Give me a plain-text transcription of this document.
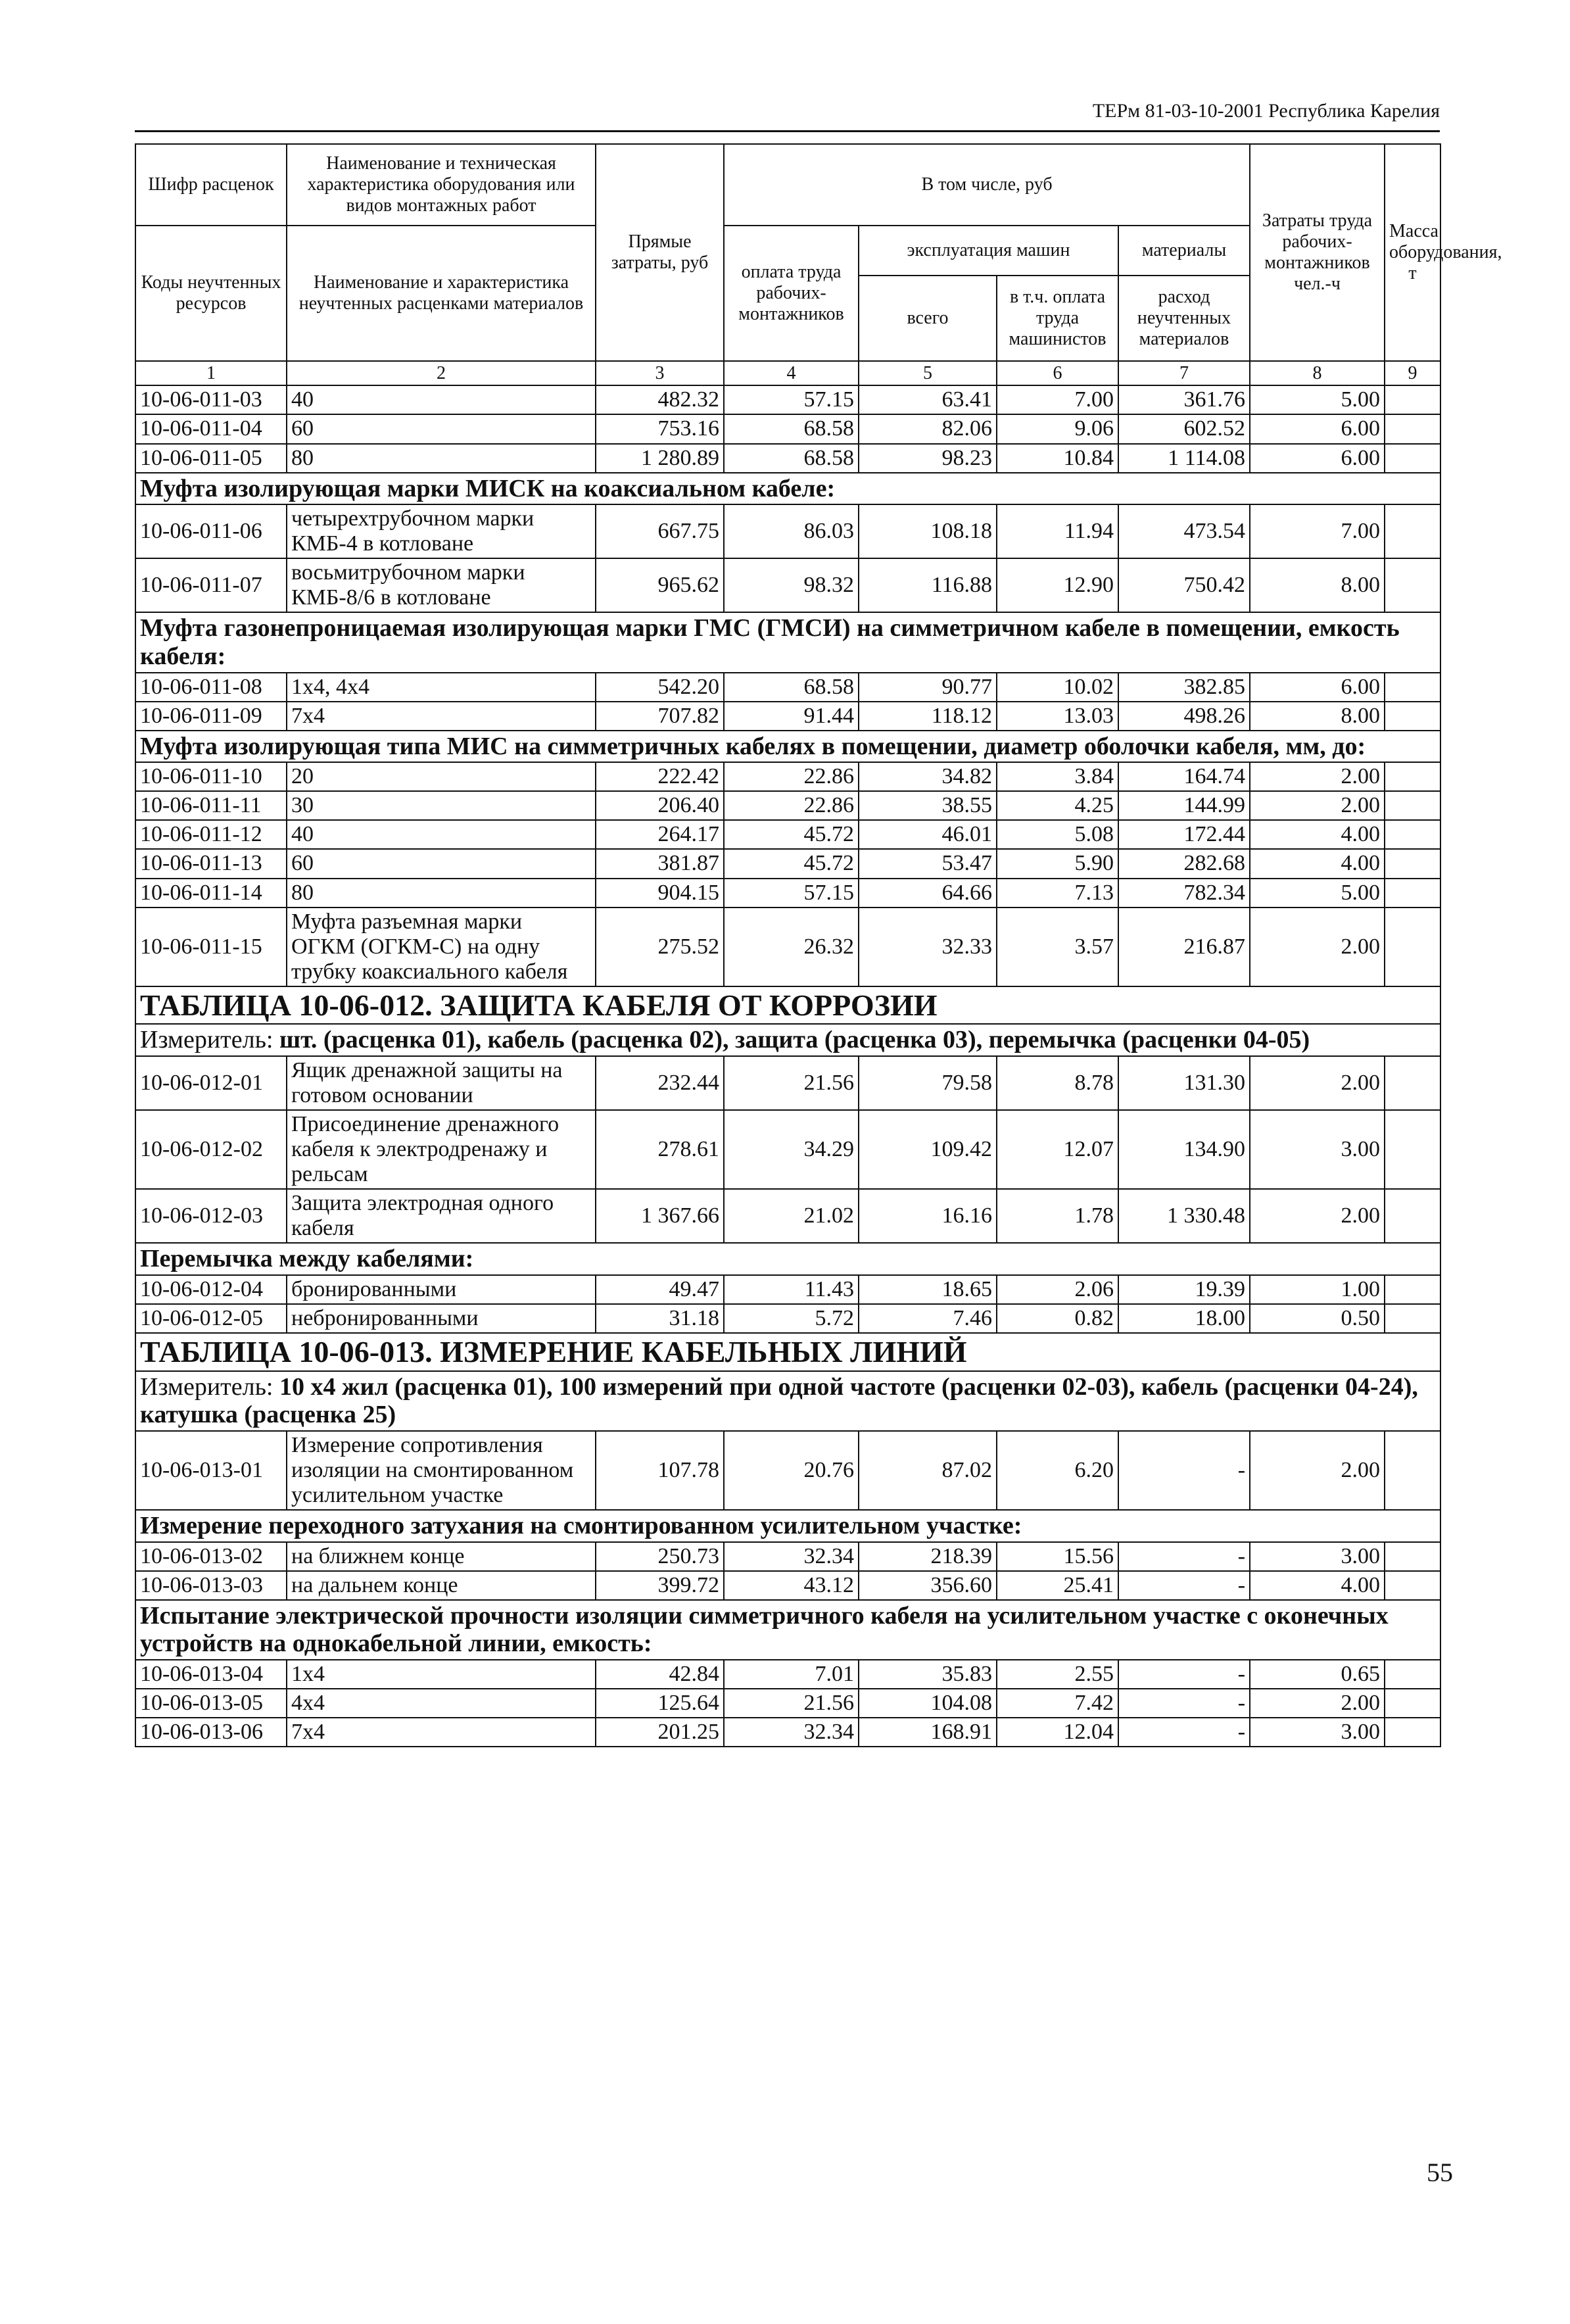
ТЕРм 81-03-10-2001 Республика Карелия
Шифр расценок	Наименование и техническая характеристика оборудования или видов монтажных работ	Прямые затраты, руб	В том числе, руб				Затраты труда рабочих-монтажников чел.-ч	Масса оборудования, т
Коды неучтенных ресурсов	Наименование и характеристика неучтенных расценками материалов		оплата труда рабочих-монтажников	эксплуатация машин		материалы		
				всего	в т.ч. оплата труда машинистов	расход неучтенных материалов		
1	2	3	4	5	6	7	8	9
10-06-011-03	40	482.32	57.15	63.41	7.00	361.76	5.00	
10-06-011-04	60	753.16	68.58	82.06	9.06	602.52	6.00	
10-06-011-05	80	1 280.89	68.58	98.23	10.84	1 114.08	6.00	
Муфта изолирующая марки МИСК на коаксиальном кабеле:								
10-06-011-06	четырехтрубочном марки КМБ-4 в котловане	667.75	86.03	108.18	11.94	473.54	7.00	
10-06-011-07	восьмитрубочном марки КМБ-8/6 в котловане	965.62	98.32	116.88	12.90	750.42	8.00	
Муфта газонепроницаемая изолирующая марки ГМС (ГМСИ) на симметричном кабеле в помещении, емкость кабеля:								
10-06-011-08	1х4, 4х4	542.20	68.58	90.77	10.02	382.85	6.00	
10-06-011-09	7х4	707.82	91.44	118.12	13.03	498.26	8.00	
Муфта изолирующая типа МИС на симметричных кабелях в помещении, диаметр оболочки кабеля, мм, до:								
10-06-011-10	20	222.42	22.86	34.82	3.84	164.74	2.00	
10-06-011-11	30	206.40	22.86	38.55	4.25	144.99	2.00	
10-06-011-12	40	264.17	45.72	46.01	5.08	172.44	4.00	
10-06-011-13	60	381.87	45.72	53.47	5.90	282.68	4.00	
10-06-011-14	80	904.15	57.15	64.66	7.13	782.34	5.00	
10-06-011-15	Муфта разъемная марки ОГКМ (ОГКМ-С) на одну трубку коаксиального кабеля	275.52	26.32	32.33	3.57	216.87	2.00	
ТАБЛИЦА 10-06-012. ЗАЩИТА КАБЕЛЯ ОТ КОРРОЗИИ								
Измеритель: шт. (расценка 01), кабель (расценка 02), защита (расценка 03), перемычка (расценки 04-05)								
10-06-012-01	Ящик дренажной защиты на готовом основании	232.44	21.56	79.58	8.78	131.30	2.00	
10-06-012-02	Присоединение дренажного кабеля к электродренажу и рельсам	278.61	34.29	109.42	12.07	134.90	3.00	
10-06-012-03	Защита электродная одного кабеля	1 367.66	21.02	16.16	1.78	1 330.48	2.00	
Перемычка между кабелями:								
10-06-012-04	бронированными	49.47	11.43	18.65	2.06	19.39	1.00	
10-06-012-05	небронированными	31.18	5.72	7.46	0.82	18.00	0.50	
ТАБЛИЦА 10-06-013. ИЗМЕРЕНИЕ КАБЕЛЬНЫХ ЛИНИЙ								
Измеритель: 10 х4 жил (расценка 01), 100 измерений при одной частоте (расценки 02-03), кабель (расценки 04-24), катушка (расценка 25)								
10-06-013-01	Измерение сопротивления изоляции на смонтированном усилительном участке	107.78	20.76	87.02	6.20	-	2.00	
Измерение переходного затухания на смонтированном усилительном участке:								
10-06-013-02	на ближнем конце	250.73	32.34	218.39	15.56	-	3.00	
10-06-013-03	на дальнем конце	399.72	43.12	356.60	25.41	-	4.00	
Испытание электрической прочности изоляции симметричного кабеля на усилительном участке с оконечных устройств на однокабельной линии, емкость:								
10-06-013-04	1х4	42.84	7.01	35.83	2.55	-	0.65	
10-06-013-05	4х4	125.64	21.56	104.08	7.42	-	2.00	
10-06-013-06	7х4	201.25	32.34	168.91	12.04	-	3.00	
55
